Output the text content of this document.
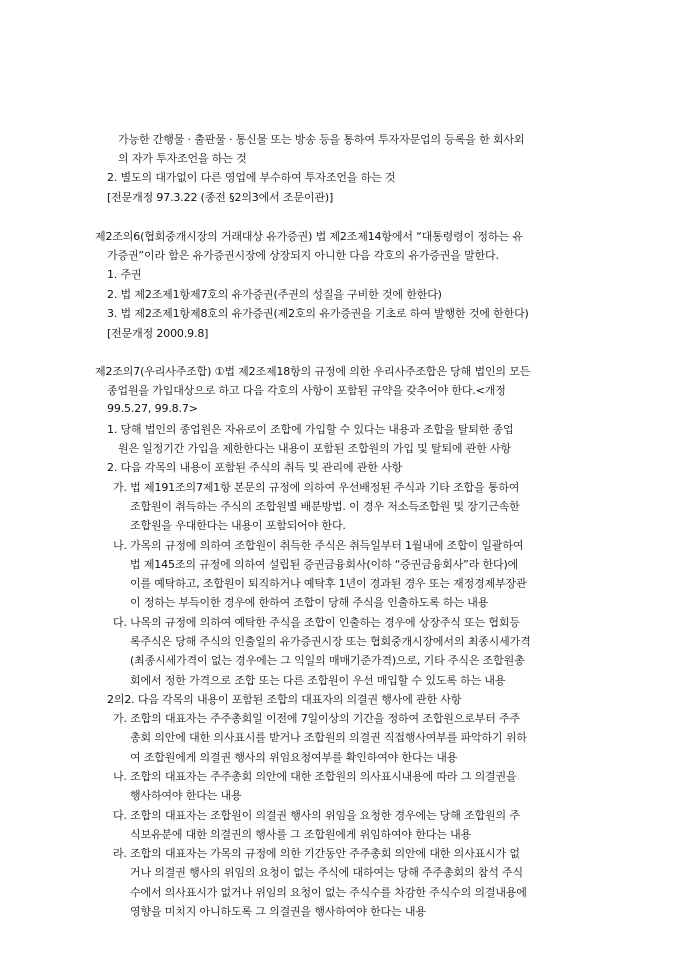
가능한 간행물 · 출판물 · 통신물 또는 방송 등을 통하여 투자자문업의 등록을 한 회사외
의 자가 투자조언을 하는 것
2. 별도의 대가없이 다른 영업에 부수하여 투자조언을 하는 것
[전문개정 97.3.22 (종전 §2의3에서 조문이관)]
제2조의6(협회중개시장의 거래대상 유가증권) 법 제2조제14항에서 “대통령령이 정하는 유
가증권”이라 함은 유가증권시장에 상장되지 아니한 다음 각호의 유가증권을 말한다.
1. 주권
2. 법 제2조제1항제7호의 유가증권(주권의 성질을 구비한 것에 한한다)
3. 법 제2조제1항제8호의 유가증권(제2호의 유가증권을 기초로 하여 발행한 것에 한한다)
[전문개정 2000.9.8]
제2조의7(우리사주조합) ①법 제2조제18항의 규정에 의한 우리사주조합은 당해 법인의 모든
종업원을 가입대상으로 하고 다음 각호의 사항이 포함된 규약을 갖추어야 한다.<개정
99.5.27, 99.8.7>
1. 당해 법인의 종업원은 자유로이 조합에 가입할 수 있다는 내용과 조합을 탈퇴한 종업
원은 일정기간 가입을 제한한다는 내용이 포함된 조합원의 가입 및 탈퇴에 관한 사항
2. 다음 각목의 내용이 포함된 주식의 취득 및 관리에 관한 사항
가. 법 제191조의7제1항 본문의 규정에 의하여 우선배정된 주식과 기타 조합을 통하여
조합원이 취득하는 주식의 조합원별 배분방법. 이 경우 저소득조합원 및 장기근속한
조합원을 우대한다는 내용이 포함되어야 한다.
나. 가목의 규정에 의하여 조합원이 취득한 주식은 취득일부터 1월내에 조합이 일괄하여
법 제145조의 규정에 의하여 설립된 증권금융회사(이하 “증권금융회사”라 한다)에
이를 예탁하고, 조합원이 퇴직하거나 예탁후 1년이 경과된 경우 또는 재정경제부장관
이 정하는 부득이한 경우에 한하여 조합이 당해 주식을 인출하도록 하는 내용
다. 나목의 규정에 의하여 예탁한 주식을 조합이 인출하는 경우에 상장주식 또는 협회등
록주식은 당해 주식의 인출일의 유가증권시장 또는 협회중개시장에서의 최종시세가격
(최종시세가격이 없는 경우에는 그 익일의 매매기준가격)으로, 기타 주식은 조합원총
회에서 정한 가격으로 조합 또는 다른 조합원이 우선 매입할 수 있도록 하는 내용
2의2. 다음 각목의 내용이 포함된 조합의 대표자의 의결권 행사에 관한 사항
가. 조합의 대표자는 주주총회일 이전에 7일이상의 기간을 정하여 조합원으로부터 주주
총회 의안에 대한 의사표시를 받거나 조합원의 의결권 직접행사여부를 파악하기 위하
여 조합원에게 의결권 행사의 위임요청여부를 확인하여야 한다는 내용
나. 조합의 대표자는 주주총회 의안에 대한 조합원의 의사표시내용에 따라 그 의결권을
행사하여야 한다는 내용
다. 조합의 대표자는 조합원이 의결권 행사의 위임을 요청한 경우에는 당해 조합원의 주
식보유분에 대한 의결권의 행사를 그 조합원에게 위임하여야 한다는 내용
라. 조합의 대표자는 가목의 규정에 의한 기간동안 주주총회 의안에 대한 의사표시가 없
거나 의결권 행사의 위임의 요청이 없는 주식에 대하여는 당해 주주총회의 참석 주식
수에서 의사표시가 없거나 위임의 요청이 없는 주식수를 차감한 주식수의 의결내용에
영향을 미치지 아니하도록 그 의결권을 행사하여야 한다는 내용
